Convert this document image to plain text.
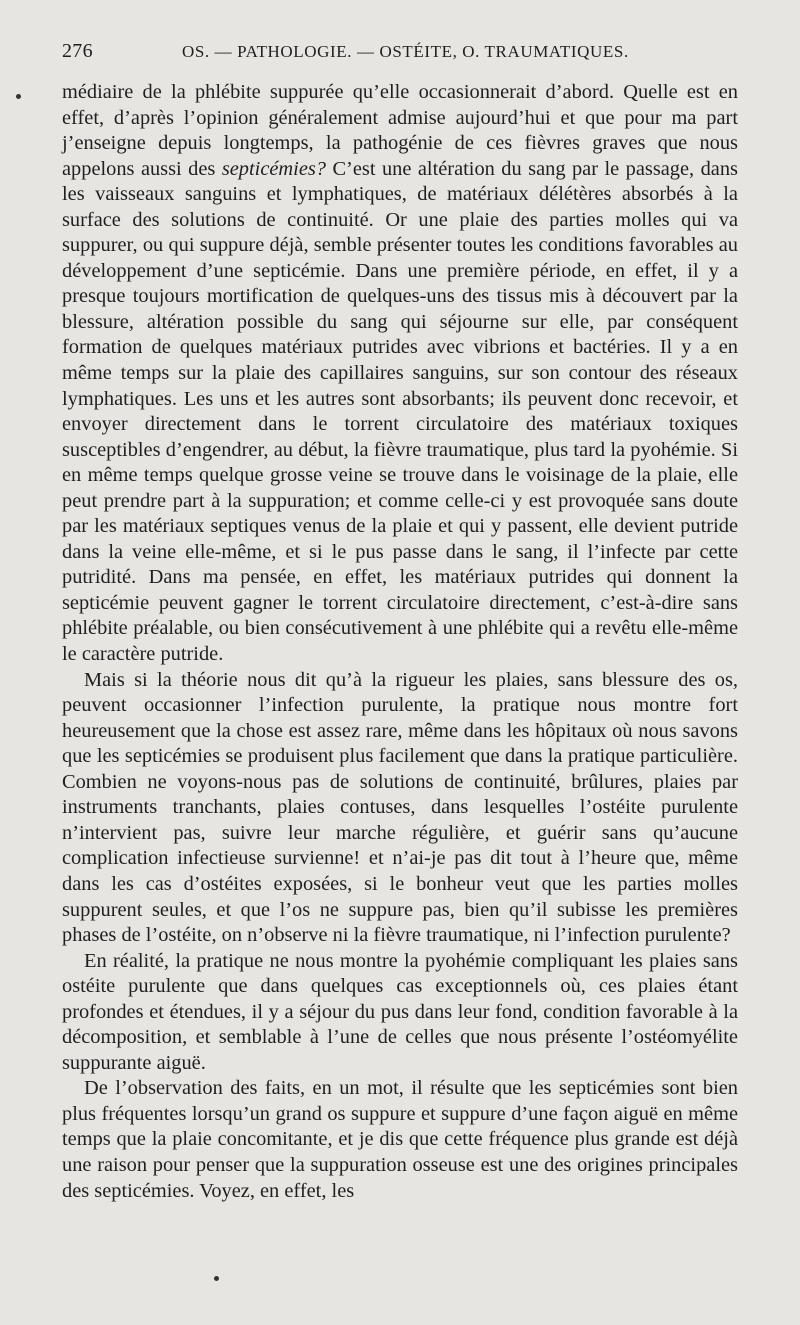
276	OS. — PATHOLOGIE. — OSTÉITE, O. TRAUMATIQUES.

médiaire de la phlébite suppurée qu’elle occasionnerait d’abord. Quelle est en effet, d’après l’opinion généralement admise aujourd’hui et que pour ma part j’enseigne depuis longtemps, la pathogénie de ces fièvres graves que nous appelons aussi des septicémies? C’est une altération du sang par le passage, dans les vaisseaux sanguins et lymphatiques, de matériaux délétères absorbés à la surface des solutions de continuité. Or une plaie des parties molles qui va suppurer, ou qui suppure déjà, semble présenter toutes les conditions favorables au développement d’une septicémie. Dans une première période, en effet, il y a presque toujours mortification de quelques-uns des tissus mis à découvert par la blessure, altération possible du sang qui séjourne sur elle, par conséquent formation de quelques matériaux putrides avec vibrions et bactéries. Il y a en même temps sur la plaie des capillaires sanguins, sur son contour des réseaux lymphatiques. Les uns et les autres sont absorbants; ils peuvent donc recevoir, et envoyer directement dans le torrent circulatoire des matériaux toxiques susceptibles d’engendrer, au début, la fièvre traumatique, plus tard la pyohémie. Si en même temps quelque grosse veine se trouve dans le voisinage de la plaie, elle peut prendre part à la suppuration; et comme celle-ci y est provoquée sans doute par les matériaux septiques venus de la plaie et qui y passent, elle devient putride dans la veine elle-même, et si le pus passe dans le sang, il l’infecte par cette putridité. Dans ma pensée, en effet, les matériaux putrides qui donnent la septicémie peuvent gagner le torrent circulatoire directement, c’est-à-dire sans phlébite préalable, ou bien consécutivement à une phlébite qui a revêtu elle-même le caractère putride.

Mais si la théorie nous dit qu’à la rigueur les plaies, sans blessure des os, peuvent occasionner l’infection purulente, la pratique nous montre fort heureusement que la chose est assez rare, même dans les hôpitaux où nous savons que les septicémies se produisent plus facilement que dans la pratique particulière. Combien ne voyons-nous pas de solutions de continuité, brûlures, plaies par instruments tranchants, plaies contuses, dans lesquelles l’ostéite purulente n’intervient pas, suivre leur marche régulière, et guérir sans qu’aucune complication infectieuse survienne! et n’ai-je pas dit tout à l’heure que, même dans les cas d’ostéites exposées, si le bonheur veut que les parties molles suppurent seules, et que l’os ne suppure pas, bien qu’il subisse les premières phases de l’ostéite, on n’observe ni la fièvre traumatique, ni l’infection purulente?

En réalité, la pratique ne nous montre la pyohémie compliquant les plaies sans ostéite purulente que dans quelques cas exceptionnels où, ces plaies étant profondes et étendues, il y a séjour du pus dans leur fond, condition favorable à la décomposition, et semblable à l’une de celles que nous présente l’ostéomyélite suppurante aiguë.

De l’observation des faits, en un mot, il résulte que les septicémies sont bien plus fréquentes lorsqu’un grand os suppure et suppure d’une façon aiguë en même temps que la plaie concomitante, et je dis que cette fréquence plus grande est déjà une raison pour penser que la suppuration osseuse est une des origines principales des septicémies. Voyez, en effet, les
